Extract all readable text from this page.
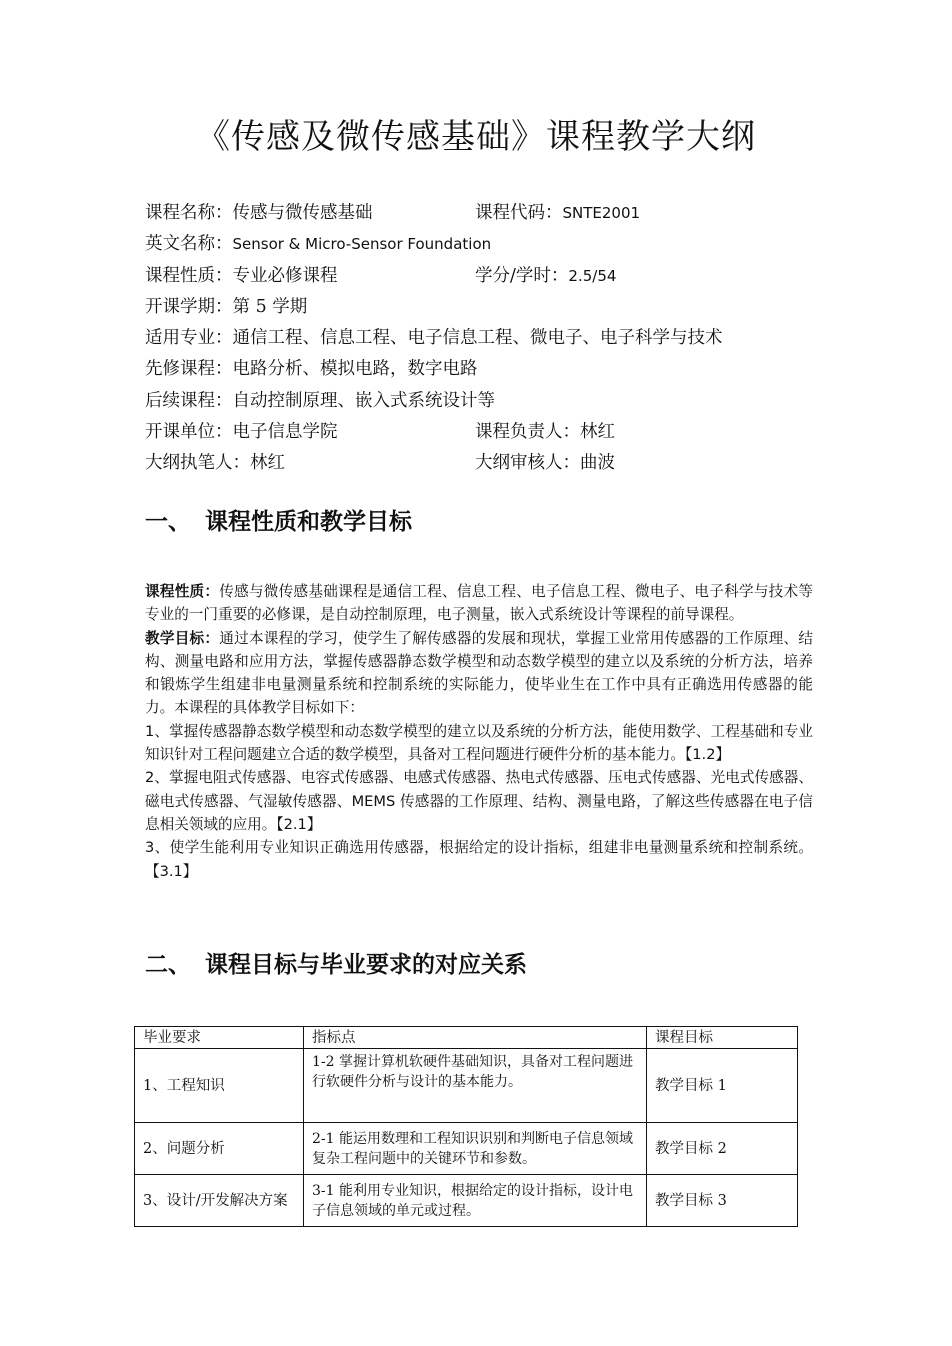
《传感及微传感基础》课程教学大纲
课程名称：传感与微传感基础	课程代码：SNTE2001
英文名称：Sensor & Micro-Sensor Foundation
课程性质：专业必修课程	学分/学时：2.5/54
开课学期：第 5 学期
适用专业：通信工程、信息工程、电子信息工程、微电子、电子科学与技术
先修课程：电路分析、模拟电路，数字电路
后续课程：自动控制原理、嵌入式系统设计等
开课单位：电子信息学院	课程负责人：林红
大纲执笔人：林红	大纲审核人：曲波
一、 课程性质和教学目标

课程性质：传感与微传感基础课程是通信工程、信息工程、电子信息工程、微电子、电子科学与技术等专业的一门重要的必修课，是自动控制原理，电子测量，嵌入式系统设计等课程的前导课程。

教学目标：通过本课程的学习，使学生了解传感器的发展和现状，掌握工业常用传感器的工作原理、结构、测量电路和应用方法，掌握传感器静态数学模型和动态数学模型的建立以及系统的分析方法，培养和锻炼学生组建非电量测量系统和控制系统的实际能力，使毕业生在工作中具有正确选用传感器的能力。本课程的具体教学目标如下：

1、掌握传感器静态数学模型和动态数学模型的建立以及系统的分析方法，能使用数学、工程基础和专业知识针对工程问题建立合适的数学模型，具备对工程问题进行硬件分析的基本能力。【1.2】

2、掌握电阻式传感器、电容式传感器、电感式传感器、热电式传感器、压电式传感器、光电式传感器、磁电式传感器、气湿敏传感器、MEMS 传感器的工作原理、结构、测量电路，了解这些传感器在电子信息相关领域的应用。【2.1】

3、使学生能利用专业知识正确选用传感器，根据给定的设计指标，组建非电量测量系统和控制系统。【3.1】

二、 课程目标与毕业要求的对应关系
毕业要求	指标点	课程目标
1、工程知识	1-2 掌握计算机软硬件基础知识，具备对工程问题进行软硬件分析与设计的基本能力。	教学目标 1
2、问题分析	2-1 能运用数理和工程知识识别和判断电子信息领域复杂工程问题中的关键环节和参数。	教学目标 2
3、设计/开发解决方案	3-1 能利用专业知识，根据给定的设计指标，设计电子信息领域的单元或过程。	教学目标 3
